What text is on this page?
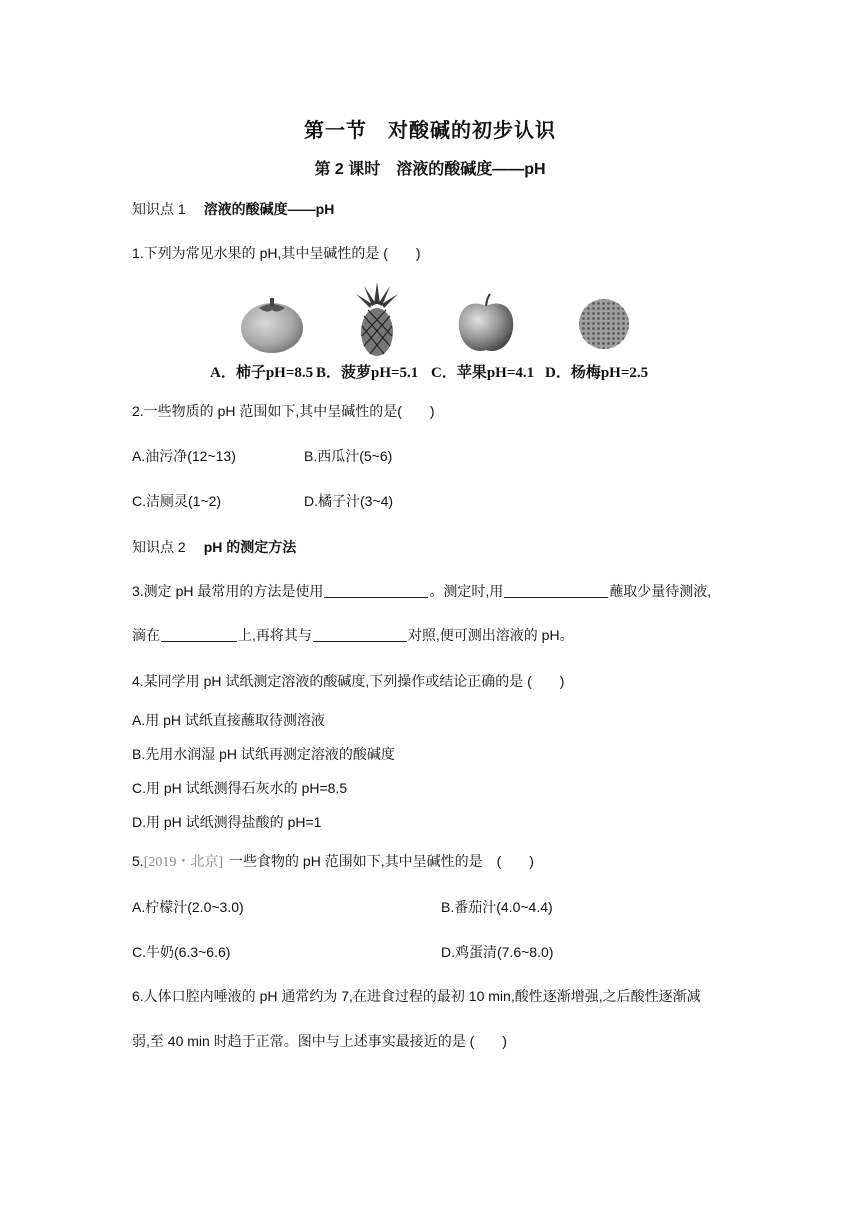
第一节　对酸碱的初步认识
第 2 课时　溶液的酸碱度——pH
知识点 1 溶液的酸碱度——pH
1.下列为常见水果的 pH,其中呈碱性的是 (　　)
A．柿子pH=8.5 B．菠萝pH=5.1 C．苹果pH=4.1 D．杨梅pH=2.5
2.一些物质的 pH 范围如下,其中呈碱性的是(　　)
A.油污净(12~13)	B.西瓜汁(5~6)
C.洁厕灵(1~2)	D.橘子汁(3~4)
知识点 2 pH 的测定方法
3.测定 pH 最常用的方法是使用	。测定时,用	蘸取少量待测液,
滴在	上,再将其与	对照,便可测出溶液的 pH。
4.某同学用 pH 试纸测定溶液的酸碱度,下列操作或结论正确的是 (　　)
A.用 pH 试纸直接蘸取待测溶液
B.先用水润湿 pH 试纸再测定溶液的酸碱度
C.用 pH 试纸测得石灰水的 pH=8.5
D.用 pH 试纸测得盐酸的 pH=1
5.[2019・北京] 一些食物的 pH 范围如下,其中呈碱性的是　(　　)
A.柠檬汁(2.0~3.0)	B.番茄汁(4.0~4.4)
C.牛奶(6.3~6.6)	D.鸡蛋清(7.6~8.0)
6.人体口腔内唾液的 pH 通常约为 7,在进食过程的最初 10 min,酸性逐渐增强,之后酸性逐渐减
弱,至 40 min 时趋于正常。图中与上述事实最接近的是 (　　)
